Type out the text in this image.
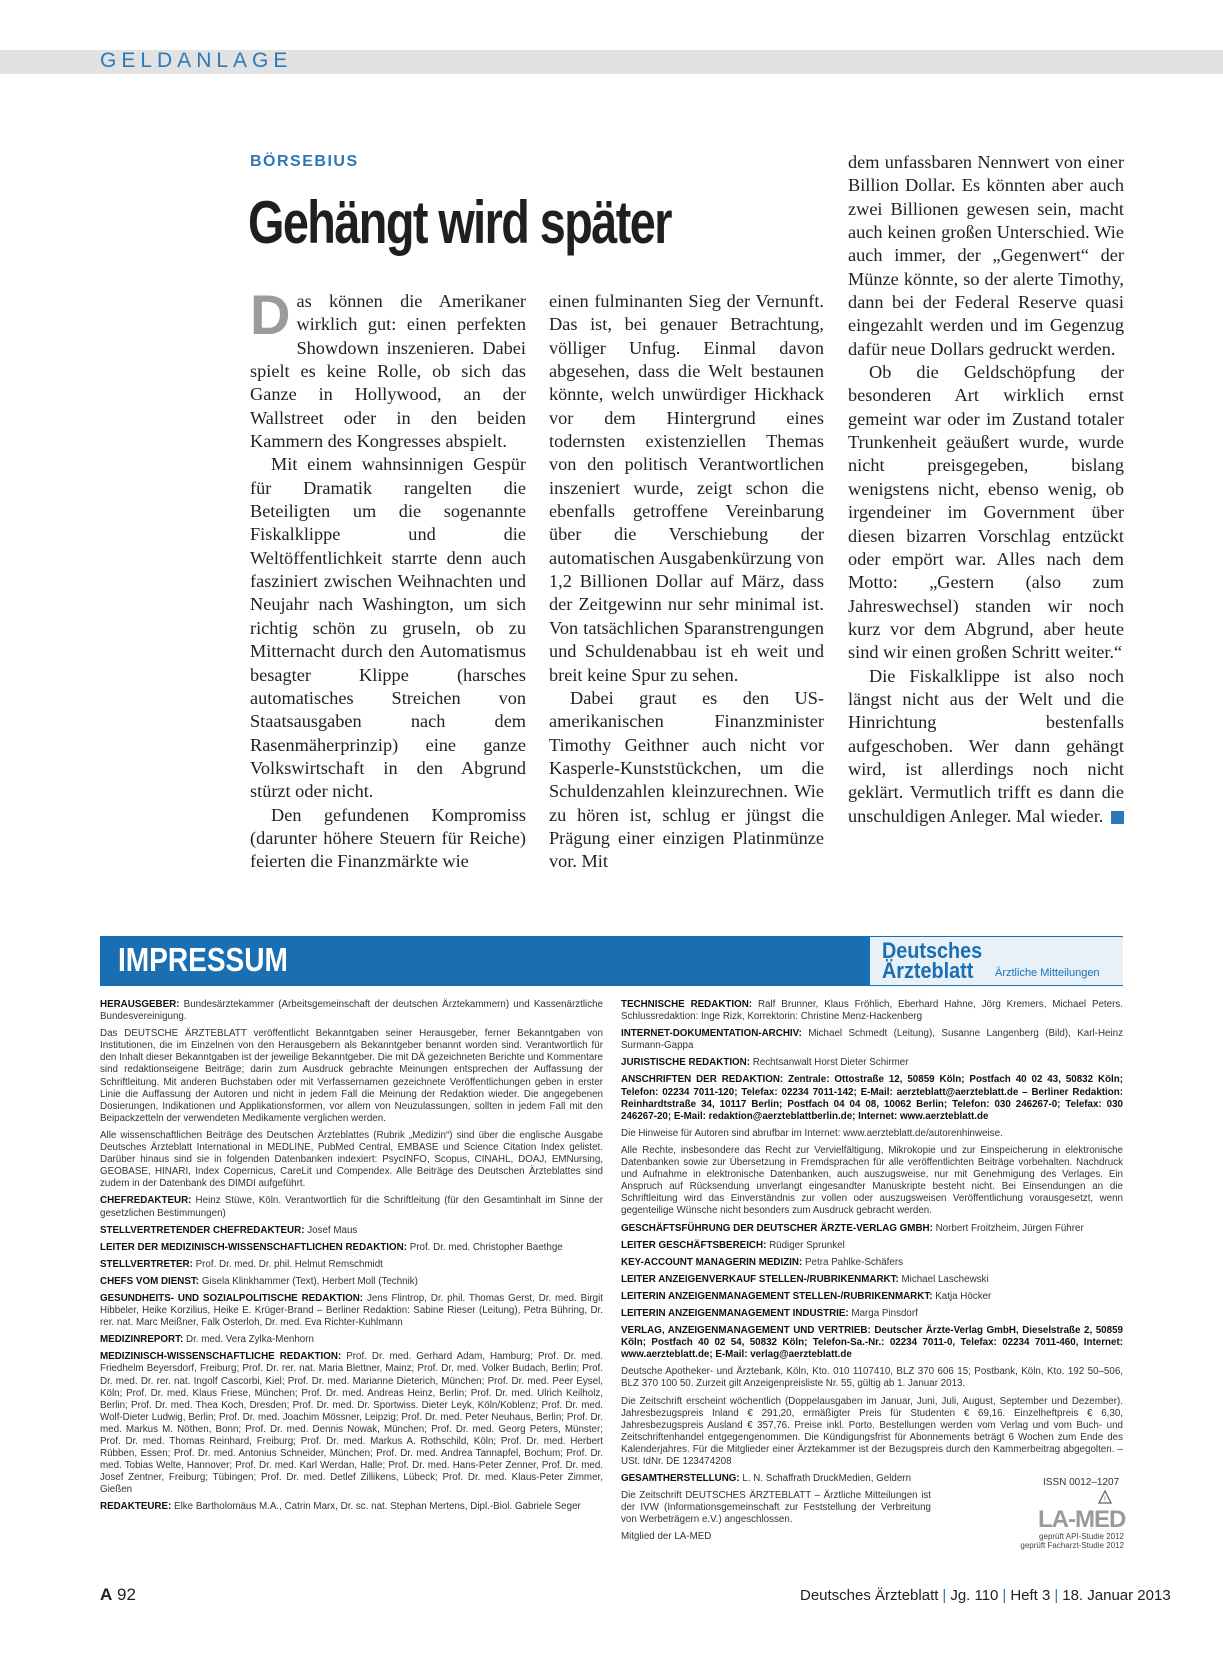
GELDANLAGE
BÖRSEBIUS
Gehängt wird später

Das können die Amerikaner wirklich gut: einen perfekten Showdown inszenieren. Dabei spielt es keine Rolle, ob sich das Ganze in Hollywood, an der Wallstreet oder in den beiden Kammern des Kongresses abspielt.

Mit einem wahnsinnigen Gespür für Dramatik rangelten die Beteiligten um die sogenannte Fiskalklippe und die Weltöffentlichkeit starrte denn auch fasziniert zwischen Weihnachten und Neujahr nach Washington, um sich richtig schön zu gruseln, ob zu Mitternacht durch den Automatismus besagter Klippe (harsches automatisches Streichen von Staatsausgaben nach dem Rasenmäherprinzip) eine ganze Volkswirtschaft in den Abgrund stürzt oder nicht.

Den gefundenen Kompromiss (darunter höhere Steuern für Reiche) feierten die Finanzmärkte wie

einen fulminanten Sieg der Vernunft. Das ist, bei genauer Betrachtung, völliger Unfug. Einmal davon abgesehen, dass die Welt bestaunen könnte, welch unwürdiger Hickhack vor dem Hintergrund eines todernsten existenziellen Themas von den politisch Verantwortlichen inszeniert wurde, zeigt schon die ebenfalls getroffene Vereinbarung über die Verschiebung der automatischen Ausgabenkürzung von 1,2 Billionen Dollar auf März, dass der Zeitgewinn nur sehr minimal ist. Von tatsächlichen Sparanstrengungen und Schuldenabbau ist eh weit und breit keine Spur zu sehen.

Dabei graut es den US-amerikanischen Finanzminister Timothy Geithner auch nicht vor Kasperle-Kunststückchen, um die Schuldenzahlen kleinzurechnen. Wie zu hören ist, schlug er jüngst die Prägung einer einzigen Platinmünze vor. Mit

dem unfassbaren Nennwert von einer Billion Dollar. Es könnten aber auch zwei Billionen gewesen sein, macht auch keinen großen Unterschied. Wie auch immer, der „Gegenwert“ der Münze könnte, so der alerte Timothy, dann bei der Federal Reserve quasi eingezahlt werden und im Gegenzug dafür neue Dollars gedruckt werden.

Ob die Geldschöpfung der besonderen Art wirklich ernst gemeint war oder im Zustand totaler Trunkenheit geäußert wurde, wurde nicht preisgegeben, bislang wenigstens nicht, ebenso wenig, ob irgendeiner im Government über diesen bizarren Vorschlag entzückt oder empört war. Alles nach dem Motto: „Gestern (also zum Jahreswechsel) standen wir noch kurz vor dem Abgrund, aber heute sind wir einen großen Schritt weiter.“

Die Fiskalklippe ist also noch längst nicht aus der Welt und die Hinrichtung bestenfalls aufgeschoben. Wer dann gehängt wird, ist allerdings noch nicht geklärt. Vermutlich trifft es dann die unschuldigen Anleger. Mal wieder.

IMPRESSUM	Deutsches
Ärzteblatt Ärztliche Mitteilungen
HERAUSGEBER: Bundesärztekammer (Arbeitsgemeinschaft der deutschen Ärztekammern) und Kassenärztliche Bundesvereinigung.
Das DEUTSCHE ÄRZTEBLATT veröffentlicht Bekanntgaben seiner Herausgeber, ferner Bekanntgaben von Institutionen, die im Einzelnen von den Herausgebern als Bekanntgeber benannt worden sind. Verantwortlich für den Inhalt dieser Bekanntgaben ist der jeweilige Bekanntgeber. Die mit DÄ gezeichneten Berichte und Kommentare sind redaktionseigene Beiträge; darin zum Ausdruck gebrachte Meinungen entsprechen der Auffassung der Schriftleitung. Mit anderen Buchstaben oder mit Verfassernamen gezeichnete Veröffentlichungen geben in erster Linie die Auffassung der Autoren und nicht in jedem Fall die Meinung der Redaktion wieder. Die angegebenen Dosierungen, Indikationen und Applikationsformen, vor allem von Neuzulassungen, sollten in jedem Fall mit den Beipackzetteln der verwendeten Medikamente verglichen werden.
Alle wissenschaftlichen Beiträge des Deutschen Ärzteblattes (Rubrik „Medizin“) sind über die englische Ausgabe Deutsches Ärzteblatt International in MEDLINE, PubMed Central, EMBASE und Science Citation Index gelistet. Darüber hinaus sind sie in folgenden Datenbanken indexiert: PsycINFO, Scopus, CINAHL, DOAJ, EMNursing, GEOBASE, HINARI, Index Copernicus, CareLit und Compendex. Alle Beiträge des Deutschen Ärzteblattes sind zudem in der Datenbank des DIMDI aufgeführt.
CHEFREDAKTEUR: Heinz Stüwe, Köln. Verantwortlich für die Schriftleitung (für den Gesamtinhalt im Sinne der gesetzlichen Bestimmungen)
STELLVERTRETENDER CHEFREDAKTEUR: Josef Maus
LEITER DER MEDIZINISCH-WISSENSCHAFTLICHEN REDAKTION: Prof. Dr. med. Christopher Baethge
STELLVERTRETER: Prof. Dr. med. Dr. phil. Helmut Remschmidt
CHEFS VOM DIENST: Gisela Klinkhammer (Text), Herbert Moll (Technik)
GESUNDHEITS- UND SOZIALPOLITISCHE REDAKTION: Jens Flintrop, Dr. phil. Thomas Gerst, Dr. med. Birgit Hibbeler, Heike Korzilius, Heike E. Krüger-Brand – Berliner Redaktion: Sabine Rieser (Leitung), Petra Bühring, Dr. rer. nat. Marc Meißner, Falk Osterloh, Dr. med. Eva Richter-Kuhlmann
MEDIZINREPORT: Dr. med. Vera Zylka-Menhorn
MEDIZINISCH-WISSENSCHAFTLICHE REDAKTION: Prof. Dr. med. Gerhard Adam, Hamburg; Prof. Dr. med. Friedhelm Beyersdorf, Freiburg; Prof. Dr. rer. nat. Maria Blettner, Mainz; Prof. Dr. med. Volker Budach, Berlin; Prof. Dr. med. Dr. rer. nat. Ingolf Cascorbi, Kiel; Prof. Dr. med. Marianne Dieterich, München; Prof. Dr. med. Peer Eysel, Köln; Prof. Dr. med. Klaus Friese, München; Prof. Dr. med. Andreas Heinz, Berlin; Prof. Dr. med. Ulrich Keilholz, Berlin; Prof. Dr. med. Thea Koch, Dresden; Prof. Dr. med. Dr. Sportwiss. Dieter Leyk, Köln/Koblenz; Prof. Dr. med. Wolf-Dieter Ludwig, Berlin; Prof. Dr. med. Joachim Mössner, Leipzig; Prof. Dr. med. Peter Neuhaus, Berlin; Prof. Dr. med. Markus M. Nöthen, Bonn; Prof. Dr. med. Dennis Nowak, München; Prof. Dr. med. Georg Peters, Münster; Prof. Dr. med. Thomas Reinhard, Freiburg; Prof. Dr. med. Markus A. Rothschild, Köln; Prof. Dr. med. Herbert Rübben, Essen; Prof. Dr. med. Antonius Schneider, München; Prof. Dr. med. Andrea Tannapfel, Bochum; Prof. Dr. med. Tobias Welte, Hannover; Prof. Dr. med. Karl Werdan, Halle; Prof. Dr. med. Hans-Peter Zenner, Prof. Dr. med. Josef Zentner, Freiburg; Tübingen; Prof. Dr. med. Detlef Zillikens, Lübeck; Prof. Dr. med. Klaus-Peter Zimmer, Gießen
REDAKTEURE: Elke Bartholomäus M.A., Catrin Marx, Dr. sc. nat. Stephan Mertens, Dipl.-Biol. Gabriele Seger
TECHNISCHE REDAKTION: Ralf Brunner, Klaus Fröhlich, Eberhard Hahne, Jörg Kremers, Michael Peters. Schlussredaktion: Inge Rizk, Korrektorin: Christine Menz-Hackenberg
INTERNET-DOKUMENTATION-ARCHIV: Michael Schmedt (Leitung), Susanne Langenberg (Bild), Karl-Heinz Surmann-Gappa
JURISTISCHE REDAKTION: Rechtsanwalt Horst Dieter Schirmer
ANSCHRIFTEN DER REDAKTION: Zentrale: Ottostraße 12, 50859 Köln; Postfach 40 02 43, 50832 Köln; Telefon: 02234 7011-120; Telefax: 02234 7011-142; E-Mail: aerzteblatt@aerzteblatt.de – Berliner Redaktion: Reinhardtstraße 34, 10117 Berlin; Postfach 04 04 08, 10062 Berlin; Telefon: 030 246267-0; Telefax: 030 246267-20; E-Mail: redaktion@aerzteblattberlin.de; Internet: www.aerzteblatt.de
Die Hinweise für Autoren sind abrufbar im Internet: www.aerzteblatt.de/autorenhinweise.
Alle Rechte, insbesondere das Recht zur Vervielfältigung, Mikrokopie und zur Einspeicherung in elektronische Datenbanken sowie zur Übersetzung in Fremdsprachen für alle veröffentlichten Beiträge vorbehalten. Nachdruck und Aufnahme in elektronische Datenbanken, auch auszugsweise, nur mit Genehmigung des Verlages. Ein Anspruch auf Rücksendung unverlangt eingesandter Manuskripte besteht nicht. Bei Einsendungen an die Schriftleitung wird das Einverständnis zur vollen oder auszugsweisen Veröffentlichung vorausgesetzt, wenn gegenteilige Wünsche nicht besonders zum Ausdruck gebracht werden.
GESCHÄFTSFÜHRUNG DER DEUTSCHER ÄRZTE-VERLAG GMBH: Norbert Froitzheim, Jürgen Führer
LEITER GESCHÄFTSBEREICH: Rüdiger Sprunkel
KEY-ACCOUNT MANAGERIN MEDIZIN: Petra Pahlke-Schäfers
LEITER ANZEIGENVERKAUF STELLEN-/RUBRIKENMARKT: Michael Laschewski
LEITERIN ANZEIGENMANAGEMENT STELLEN-/RUBRIKENMARKT: Katja Höcker
LEITERIN ANZEIGENMANAGEMENT INDUSTRIE: Marga Pinsdorf
VERLAG, ANZEIGENMANAGEMENT UND VERTRIEB: Deutscher Ärzte-Verlag GmbH, Dieselstraße 2, 50859 Köln; Postfach 40 02 54, 50832 Köln; Telefon-Sa.-Nr.: 02234 7011-0, Telefax: 02234 7011-460, Internet: www.aerzteblatt.de; E-Mail: verlag@aerzteblatt.de
Deutsche Apotheker- und Ärztebank, Köln, Kto. 010 1107410, BLZ 370 606 15; Postbank, Köln, Kto. 192 50–506, BLZ 370 100 50. Zurzeit gilt Anzeigenpreisliste Nr. 55, gültig ab 1. Januar 2013.
Die Zeitschrift erscheint wöchentlich (Doppelausgaben im Januar, Juni, Juli, August, September und Dezember). Jahresbezugspreis Inland € 291,20, ermäßigter Preis für Studenten € 69,16. Einzelheftpreis € 6,30, Jahresbezugspreis Ausland € 357,76. Preise inkl. Porto. Bestellungen werden vom Verlag und vom Buch- und Zeitschriftenhandel entgegengenommen. Die Kündigungsfrist für Abonnements beträgt 6 Wochen zum Ende des Kalenderjahres. Für die Mitglieder einer Ärztekammer ist der Bezugspreis durch den Kammerbeitrag abgegolten. – USt. IdNr. DE 123474208
GESAMTHERSTELLUNG: L. N. Schaffrath DruckMedien, Geldern
Die Zeitschrift DEUTSCHES ÄRZTEBLATT – Ärztliche Mitteilungen ist der IVW (Informationsgemeinschaft zur Feststellung der Verbreitung von Werbeträgern e.V.) angeschlossen.
Mitglied der LA-MED
ISSN 0012–1207
!
LA-MED
geprüft API-Studie 2012
geprüft Facharzt-Studie 2012
A 92	Deutsches Ärzteblatt | Jg. 110 | Heft 3 | 18. Januar 2013
